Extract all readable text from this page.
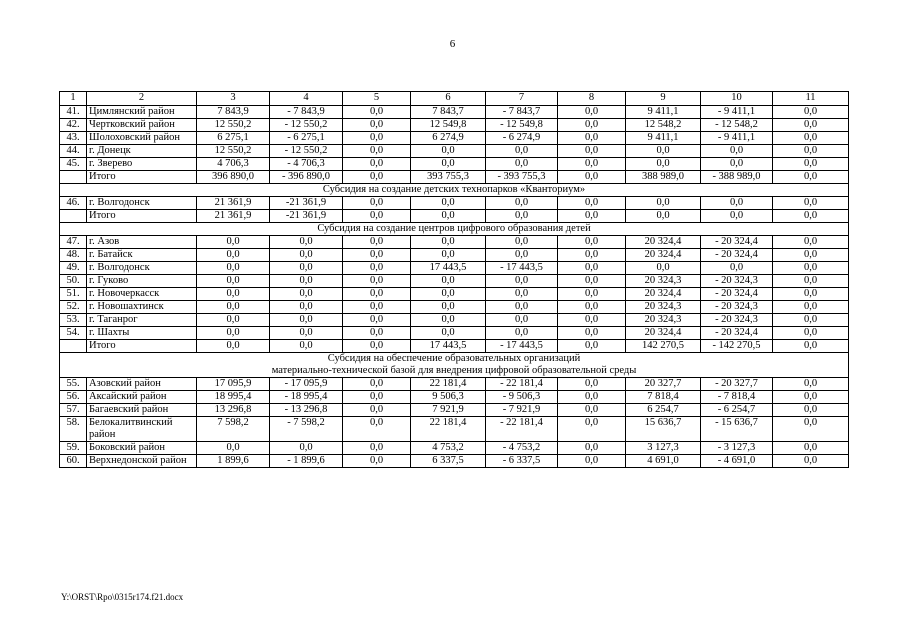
6
1	2	3	4	5	6	7	8	9	10	11
41.	Цимлянский район	7 843,9	- 7 843,9	0,0	7 843,7	- 7 843,7	0,0	9 411,1	- 9 411,1	0,0
42.	Чертковский район	12 550,2	- 12 550,2	0,0	12 549,8	- 12 549,8	0,0	12 548,2	- 12 548,2	0,0
43.	Шолоховский район	6 275,1	- 6 275,1	0,0	6 274,9	- 6 274,9	0,0	9 411,1	- 9 411,1	0,0
44.	г. Донецк	12 550,2	- 12 550,2	0,0	0,0	0,0	0,0	0,0	0,0	0,0
45.	г. Зверево	4 706,3	- 4 706,3	0,0	0,0	0,0	0,0	0,0	0,0	0,0
	Итого	396 890,0	- 396 890,0	0,0	393 755,3	- 393 755,3	0,0	388 989,0	- 388 989,0	0,0
Субсидия на создание детских технопарков «Кванториум»										
46.	г. Волгодонск	21 361,9	-21 361,9	0,0	0,0	0,0	0,0	0,0	0,0	0,0
	Итого	21 361,9	-21 361,9	0,0	0,0	0,0	0,0	0,0	0,0	0,0
Субсидия на создание центров цифрового образования детей										
47.	г. Азов	0,0	0,0	0,0	0,0	0,0	0,0	20 324,4	- 20 324,4	0,0
48.	г. Батайск	0,0	0,0	0,0	0,0	0,0	0,0	20 324,4	- 20 324,4	0,0
49.	г. Волгодонск	0,0	0,0	0,0	17 443,5	- 17 443,5	0,0	0,0	0,0	0,0
50.	г. Гуково	0,0	0,0	0,0	0,0	0,0	0,0	20 324,3	- 20 324,3	0,0
51.	г. Новочеркасск	0,0	0,0	0,0	0,0	0,0	0,0	20 324,4	- 20 324,4	0,0
52.	г. Новошахтинск	0,0	0,0	0,0	0,0	0,0	0,0	20 324,3	- 20 324,3	0,0
53.	г. Таганрог	0,0	0,0	0,0	0,0	0,0	0,0	20 324,3	- 20 324,3	0,0
54.	г. Шахты	0,0	0,0	0,0	0,0	0,0	0,0	20 324,4	- 20 324,4	0,0
	Итого	0,0	0,0	0,0	17 443,5	- 17 443,5	0,0	142 270,5	- 142 270,5	0,0
Субсидия на обеспечение образовательных организаций
материально-технической базой для внедрения цифровой образовательной среды										
55.	Азовский район	17 095,9	- 17 095,9	0,0	22 181,4	- 22 181,4	0,0	20 327,7	- 20 327,7	0,0
56.	Аксайский район	18 995,4	- 18 995,4	0,0	9 506,3	- 9 506,3	0,0	7 818,4	- 7 818,4	0,0
57.	Багаевский район	13 296,8	- 13 296,8	0,0	7 921,9	- 7 921,9	0,0	6 254,7	- 6 254,7	0,0
58.	Белокалитвинский район	7 598,2	- 7 598,2	0,0	22 181,4	- 22 181,4	0,0	15 636,7	- 15 636,7	0,0
59.	Боковский район	0,0	0,0	0,0	4 753,2	- 4 753,2	0,0	3 127,3	- 3 127,3	0,0
60.	Верхнедонской район	1 899,6	- 1 899,6	0,0	6 337,5	- 6 337,5	0,0	4 691,0	- 4 691,0	0,0
Y:\ORST\Rpo\0315r174.f21.docx
